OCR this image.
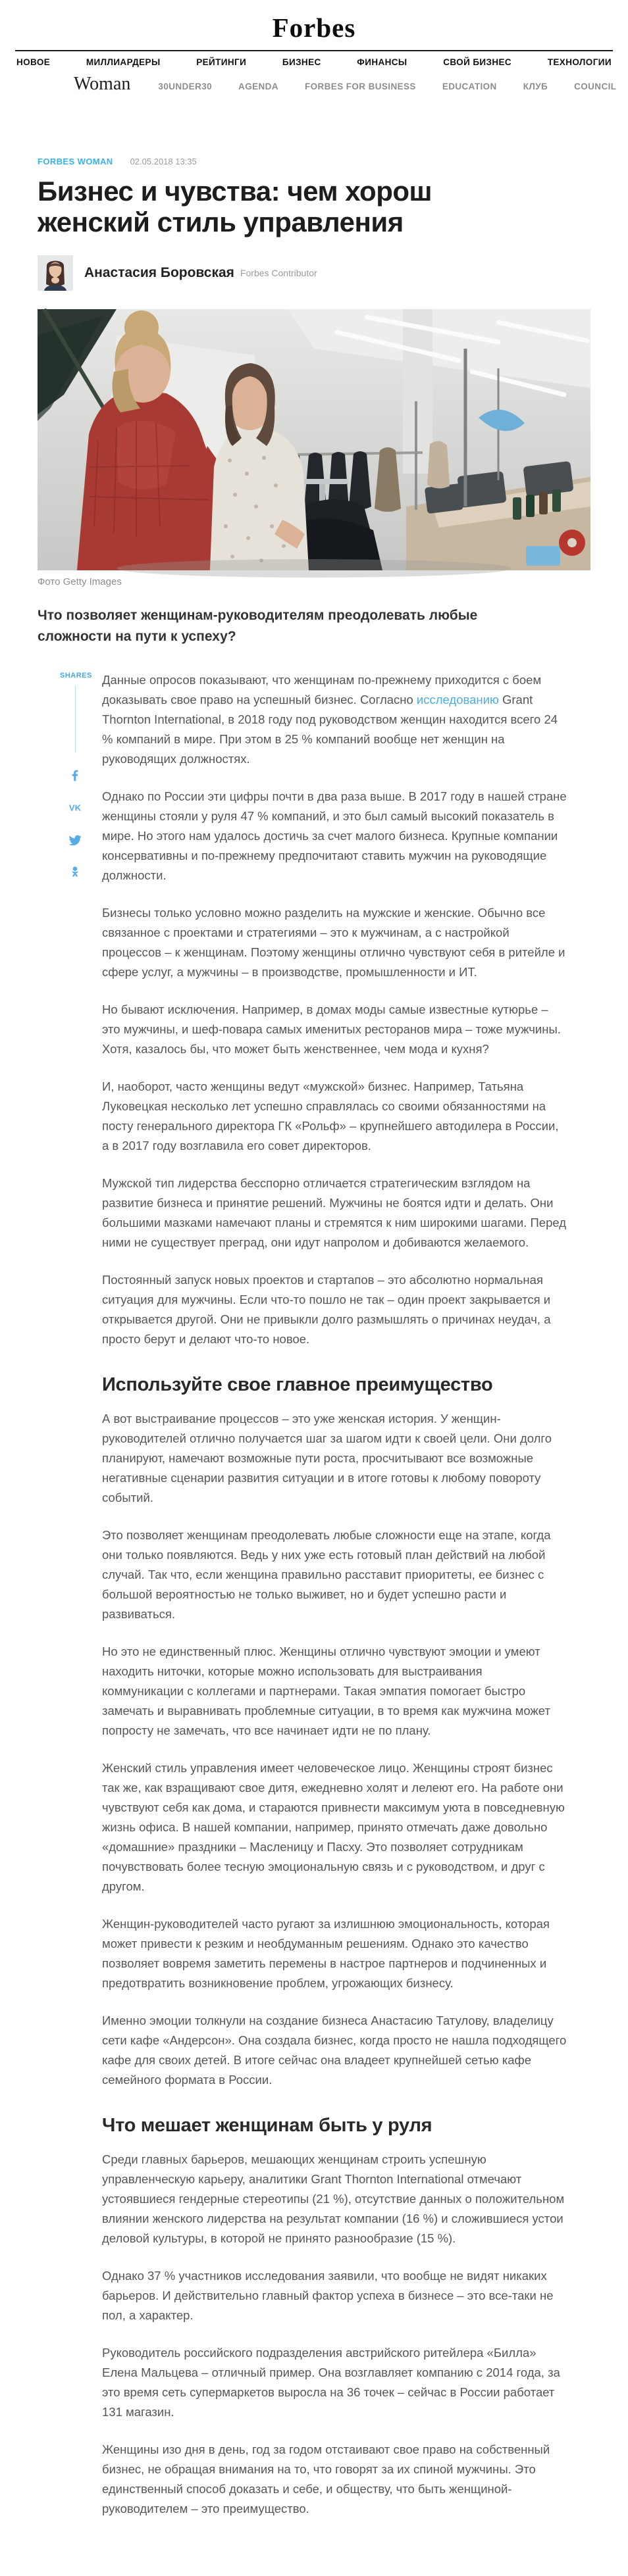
Forbes
НОВОЕ	МИЛЛИАРДЕРЫ	РЕЙТИНГИ	БИЗНЕС	ФИНАНСЫ	СВОЙ БИЗНЕС	ТЕХНОЛОГИИ
Woman	30UNDER30	AGENDA	FORBES FOR BUSINESS	EDUCATION	КЛУБ	COUNCIL
FORBES WOMAN 02.05.2018 13:35
Бизнес и чувства: чем хорош женский стиль управления
Анастасия Боровская Forbes Contributor
Фото Getty Images

Что позволяет женщинам-руководителям преодолевать любые сложности на пути к успеху?

SHARES
VK

Данные опросов показывают, что женщинам по-прежнему приходится с боем доказывать свое право на успешный бизнес. Согласно исследованию Grant Thornton International, в 2018 году под руководством женщин находится всего 24 % компаний в мире. При этом в 25 % компаний вообще нет женщин на руководящих должностях.

Однако по России эти цифры почти в два раза выше. В 2017 году в нашей стране женщины стояли у руля 47 % компаний, и это был самый высокий показатель в мире. Но этого нам удалось достичь за счет малого бизнеса. Крупные компании консервативны и по-прежнему предпочитают ставить мужчин на руководящие должности.

Бизнесы только условно можно разделить на мужские и женские. Обычно все связанное с проектами и стратегиями – это к мужчинам, а с настройкой процессов – к женщинам. Поэтому женщины отлично чувствуют себя в ритейле и сфере услуг, а мужчины – в производстве, промышленности и ИТ.

Но бывают исключения. Например, в домах моды самые известные кутюрье – это мужчины, и шеф-повара самых именитых ресторанов мира – тоже мужчины. Хотя, казалось бы, что может быть женственнее, чем мода и кухня?

И, наоборот, часто женщины ведут «мужской» бизнес. Например, Татьяна Луковецкая несколько лет успешно справлялась со своими обязанностями на посту генерального директора ГК «Рольф» – крупнейшего автодилера в России, а в 2017 году возглавила его совет директоров.

Мужской тип лидерства бесспорно отличается стратегическим взглядом на развитие бизнеса и принятие решений. Мужчины не боятся идти и делать. Они большими мазками намечают планы и стремятся к ним широкими шагами. Перед ними не существует преград, они идут напролом и добиваются желаемого.

Постоянный запуск новых проектов и стартапов – это абсолютно нормальная ситуация для мужчины. Если что-то пошло не так – один проект закрывается и открывается другой. Они не привыкли долго размышлять о причинах неудач, а просто берут и делают что-то новое.

Используйте свое главное преимущество

А вот выстраивание процессов – это уже женская история. У женщин-руководителей отлично получается шаг за шагом идти к своей цели. Они долго планируют, намечают возможные пути роста, просчитывают все возможные негативные сценарии развития ситуации и в итоге готовы к любому повороту событий.

Это позволяет женщинам преодолевать любые сложности еще на этапе, когда они только появляются. Ведь у них уже есть готовый план действий на любой случай. Так что, если женщина правильно расставит приоритеты, ее бизнес с большой вероятностью не только выживет, но и будет успешно расти и развиваться.

Но это не единственный плюс. Женщины отлично чувствуют эмоции и умеют находить ниточки, которые можно использовать для выстраивания коммуникации с коллегами и партнерами. Такая эмпатия помогает быстро замечать и выравнивать проблемные ситуации, в то время как мужчина может попросту не замечать, что все начинает идти не по плану.

Женский стиль управления имеет человеческое лицо. Женщины строят бизнес так же, как взращивают свое дитя, ежедневно холят и лелеют его. На работе они чувствуют себя как дома, и стараются привнести максимум уюта в повседневную жизнь офиса. В нашей компании, например, принято отмечать даже довольно «домашние» праздники – Масленицу и Пасху. Это позволяет сотрудникам почувствовать более тесную эмоциональную связь и с руководством, и друг с другом.

Женщин-руководителей часто ругают за излишнюю эмоциональность, которая может привести к резким и необдуманным решениям. Однако это качество позволяет вовремя заметить перемены в настрое партнеров и подчиненных и предотвратить возникновение проблем, угрожающих бизнесу.

Именно эмоции толкнули на создание бизнеса Анастасию Татулову, владелицу сети кафе «Андерсон». Она создала бизнес, когда просто не нашла подходящего кафе для своих детей. В итоге сейчас она владеет крупнейшей сетью кафе семейного формата в России.

Что мешает женщинам быть у руля

Среди главных барьеров, мешающих женщинам строить успешную управленческую карьеру, аналитики Grant Thornton International отмечают устоявшиеся гендерные стереотипы (21 %), отсутствие данных о положительном влиянии женского лидерства на результат компании (16 %) и сложившиеся устои деловой культуры, в которой не принято разнообразие (15 %).

Однако 37 % участников исследования заявили, что вообще не видят никаких барьеров. И действительно главный фактор успеха в бизнесе – это все-таки не пол, а характер.

Руководитель российского подразделения австрийского ритейлера «Билла» Елена Мальцева – отличный пример. Она возглавляет компанию с 2014 года, за это время сеть супермаркетов выросла на 36 точек – сейчас в России работает 131 магазин.

Женщины изо дня в день, год за годом отстаивают свое право на собственный бизнес, не обращая внимания на то, что говорят за их спиной мужчины. Это единственный способ доказать и себе, и обществу, что быть женщиной-руководителем – это преимущество.
